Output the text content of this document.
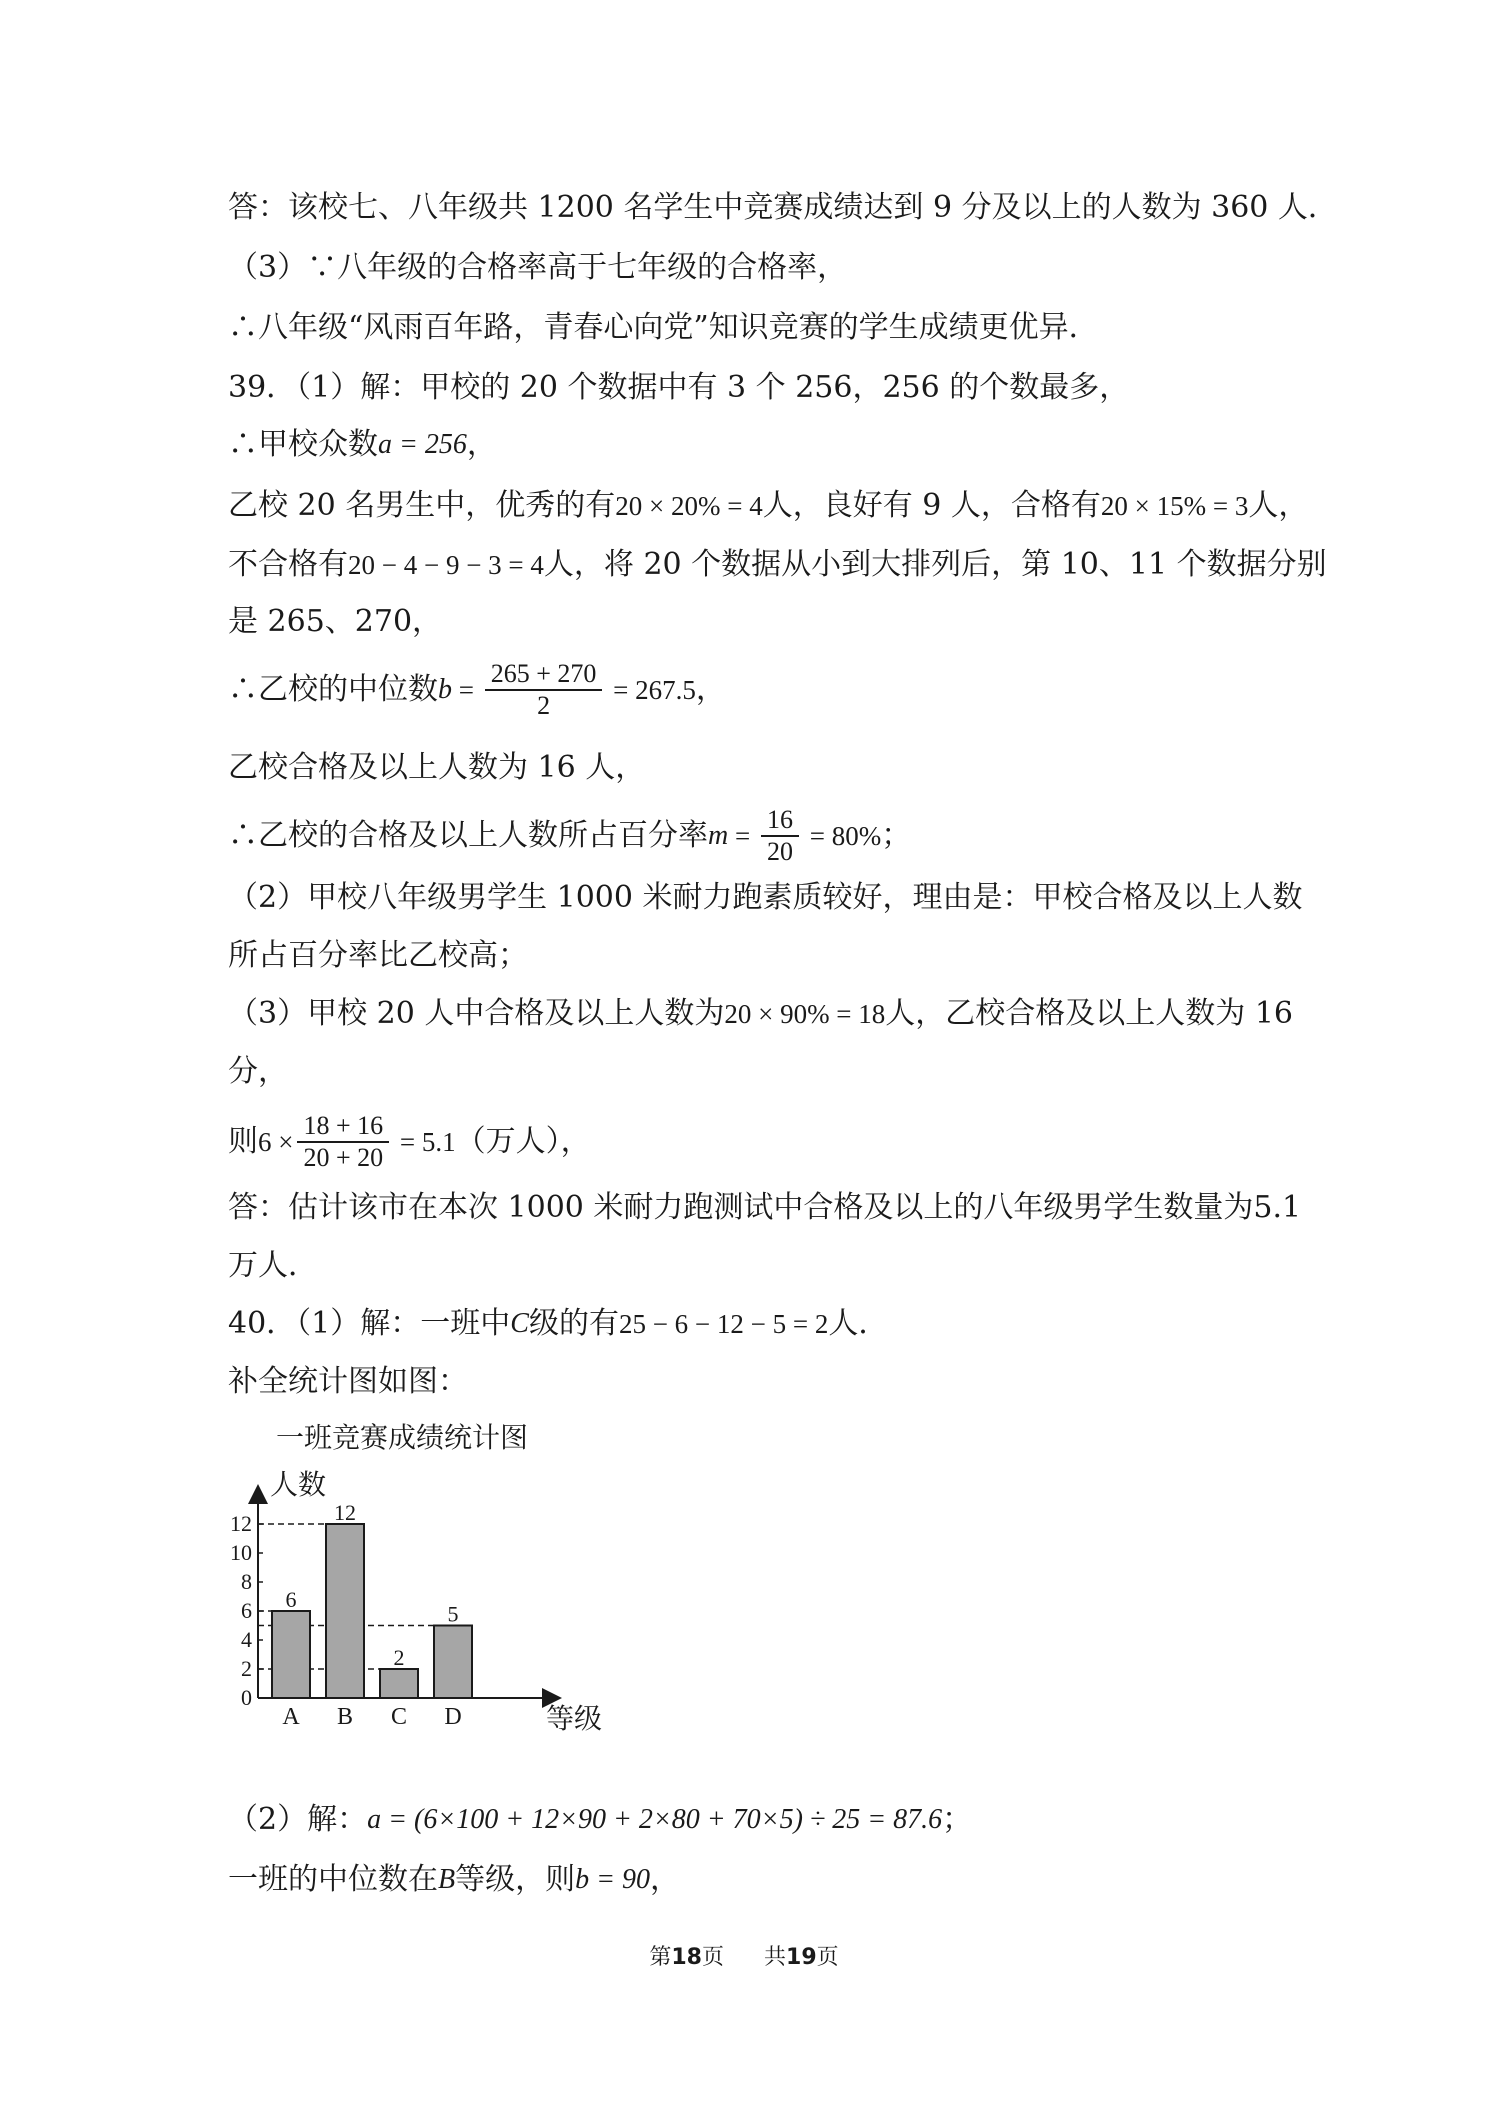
答：该校七、八年级共 1200 名学生中竞赛成绩达到 9 分及以上的人数为 360 人．
（3）∵八年级的合格率高于七年级的合格率，
∴八年级“风雨百年路，青春心向党”知识竞赛的学生成绩更优异．
39．（1）解：甲校的 20 个数据中有 3 个 256，256 的个数最多，
∴甲校众数 a = 256 ，
乙校 20 名男生中，优秀的有 20 × 20% = 4 人，良好有 9 人，合格有 20 × 15% = 3 人，
不合格有 20 − 4 − 9 − 3 = 4 人，将 20 个数据从小到大排列后，第 10、11 个数据分别
是 265、270，
∴乙校的中位数 $b = \frac{265 + 270}{2} = 267.5$ ，
乙校合格及以上人数为 16 人，
∴乙校的合格及以上人数所占百分率 $m = \frac{16}{20} = 80\%$ ；
（2）甲校八年级男学生 1000 米耐力跑素质较好，理由是：甲校合格及以上人数
所占百分率比乙校高；
（3）甲校 20 人中合格及以上人数为 20 × 90% = 18 人，乙校合格及以上人数为 16
分，
则 $6 \times \frac{18 + 16}{20 + 20} = 5.1$ （万人），
答：估计该市在本次 1000 米耐力跑测试中合格及以上的八年级男学生数量为5.1
万人．
40．（1）解：一班中 C 级的有 25 − 6 − 12 − 5 = 2 人．
补全统计图如图：
一班竞赛成绩统计图
6
A
12
B
2
C
5
D
0
2
4
6
8
10
12
人数
等级
（2）解： a = (6×100 + 12×90 + 2×80 + 70×5) ÷ 25 = 87.6 ；
一班的中位数在 B 等级，则 b = 90 ，
第18页 共19页
